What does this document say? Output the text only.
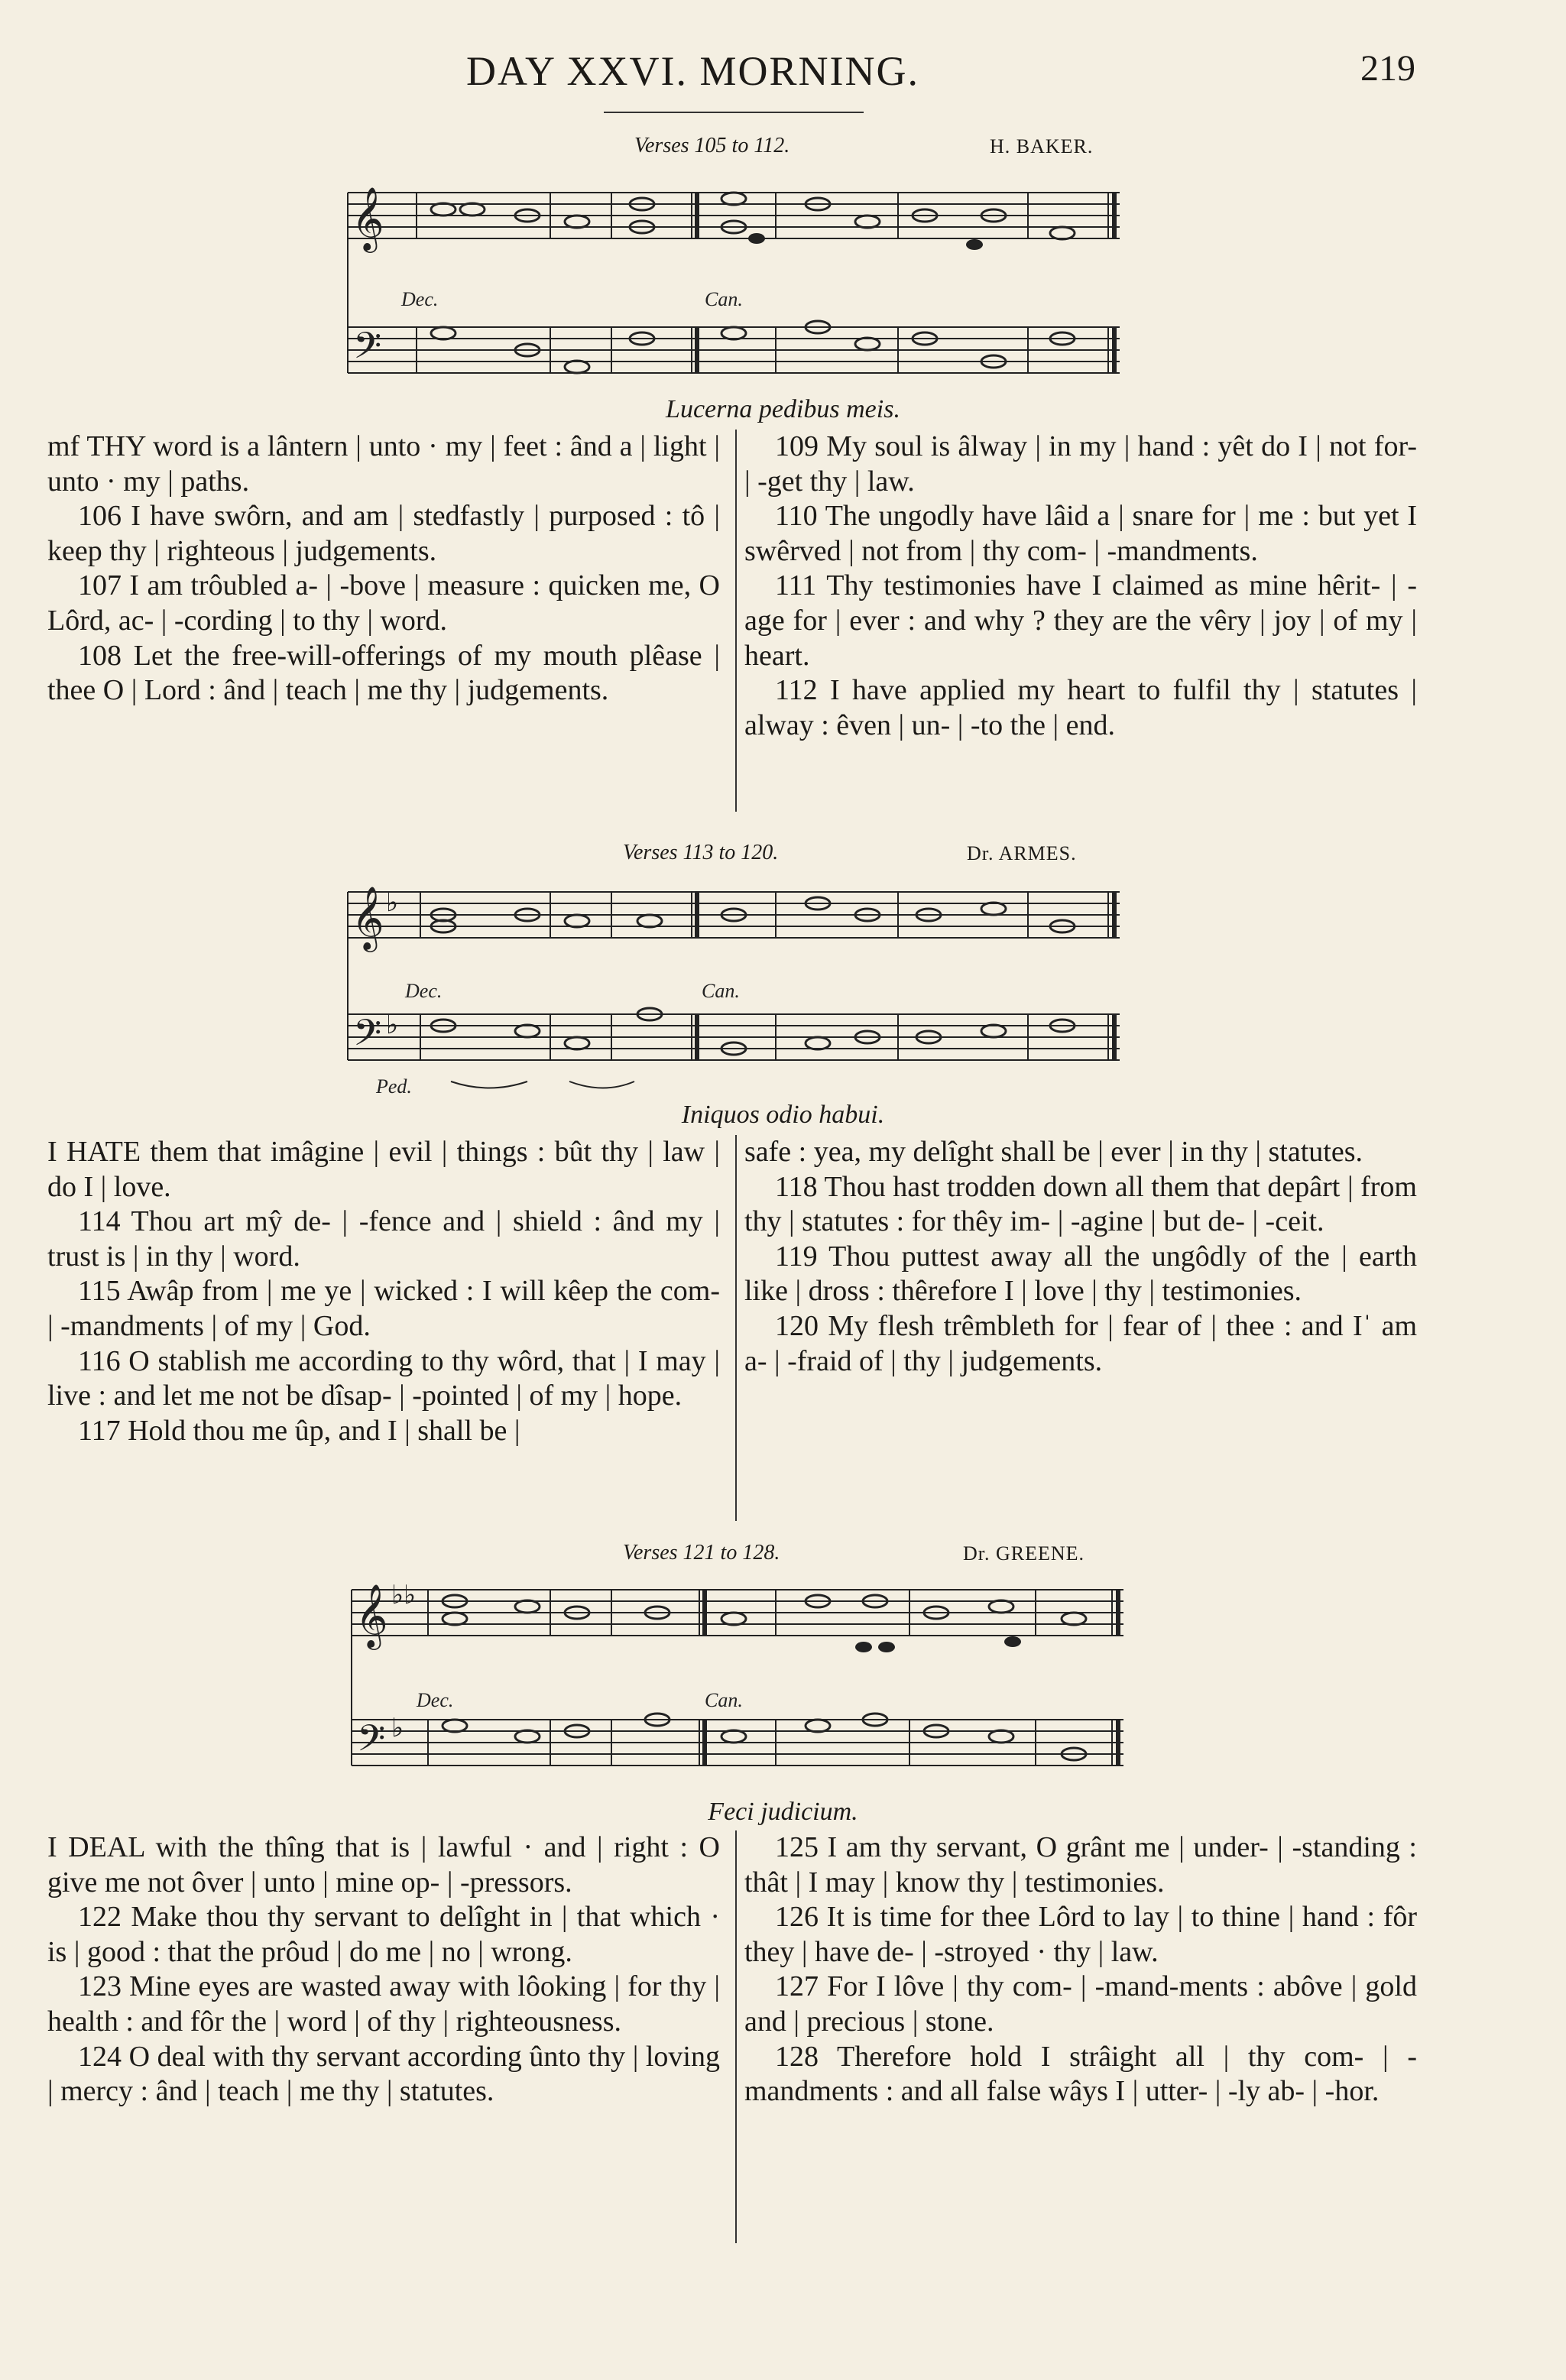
DAY XXVI. MORNING.	219
Verses 105 to 112.	H. BAKER.
𝄞
𝄢
Dec.	Can.
Lucerna pedibus meis.

mf THY word is a lântern | unto · my | feet : ând a | light | unto · my | paths.

106 I have swôrn, and am | stedfastly | purposed : tô | keep thy | righteous | judgements.

107 I am trôubled a- | -bove | measure : quicken me, O Lôrd, ac- | -cording | to thy | word.

108 Let the free-will-offerings of my mouth plêase | thee O | Lord : ând | teach | me thy | judgements.

109 My soul is âlway | in my | hand : yêt do I | not for- | -get thy | law.

110 The ungodly have lâid a | snare for | me : but yet I swêrved | not from | thy com- | -mandments.

111 Thy testimonies have I claimed as mine hêrit- | -age for | ever : and why ? they are the vêry | joy | of my | heart.

112 I have applied my heart to fulfil thy | statutes | alway : êven | un- | -to the | end.

Verses 113 to 120.	Dr. ARMES.
𝄞
𝄢
♭
♭
Dec.	Can.
Ped.
Iniquos odio habui.

I HATE them that imâgine | evil | things : bût thy | law | do I | love.

114 Thou art mŷ de- | -fence and | shield : ând my | trust is | in thy | word.

115 Awâp from | me ye | wicked : I will kêep the com- | -mandments | of my | God.

116 O stablish me according to thy wôrd, that | I may | live : and let me not be dîsap- | -pointed | of my | hope.

117 Hold thou me ûp, and I | shall be |

safe : yea, my delîght shall be | ever | in thy | statutes.

118 Thou hast trodden down all them that depârt | from thy | statutes : for thêy im- | -agine | but de- | -ceit.

119 Thou puttest away all the ungôdly of the | earth like | dross : thêrefore I | love | thy | testimonies.

120 My flesh trêmbleth for | fear of | thee : and Iˈ am a- | -fraid of | thy | judgements.

Verses 121 to 128.	Dr. GREENE.
𝄞
𝄢
♭♭
♭
Dec.	Can.
Feci judicium.

I DEAL with the thîng that is | lawful · and | right : O give me not ôver | unto | mine op- | -pressors.

122 Make thou thy servant to delîght in | that which · is | good : that the prôud | do me | no | wrong.

123 Mine eyes are wasted away with lôoking | for thy | health : and fôr the | word | of thy | righteousness.

124 O deal with thy servant according ûnto thy | loving | mercy : ând | teach | me thy | statutes.

125 I am thy servant, O grânt me | under- | -standing : thât | I may | know thy | testimonies.

126 It is time for thee Lôrd to lay | to thine | hand : fôr they | have de- | -stroyed · thy | law.

127 For I lôve | thy com- | -mand-ments : abôve | gold and | precious | stone.

128 Therefore hold I strâight all | thy com- | -mandments : and all false wâys I | utter- | -ly ab- | -hor.
